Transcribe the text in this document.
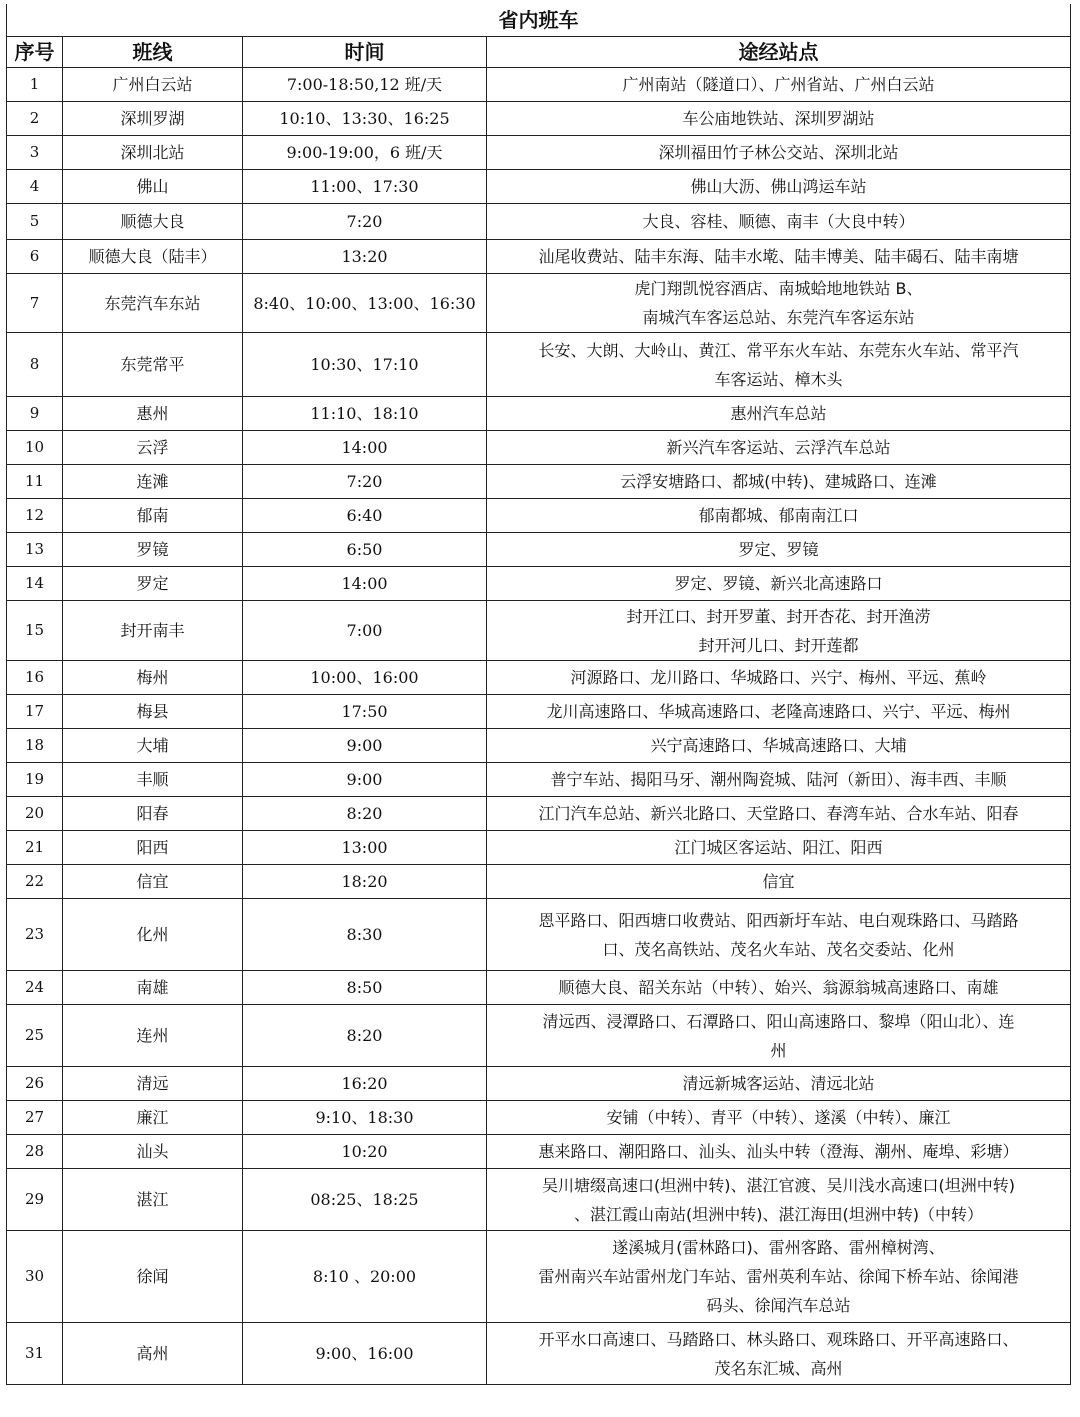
省内班车			
序号	班线	时间	途经站点
1	广州白云站	7:00-18:50,12 班/天	广州南站（隧道口）、广州省站、广州白云站
2	深圳罗湖	10:10、13:30、16:25	车公庙地铁站、深圳罗湖站
3	深圳北站	9:00-19:00，6 班/天	深圳福田竹子林公交站、深圳北站
4	佛山	11:00、17:30	佛山大沥、佛山鸿运车站
5	顺德大良	7:20	大良、容桂、顺德、南丰（大良中转）
6	顺德大良（陆丰）	13:20	汕尾收费站、陆丰东海、陆丰水墘、陆丰博美、陆丰碣石、陆丰南塘
7	东莞汽车东站	8:40、10:00、13:00、16:30	虎门翔凯悦容酒店、南城蛤地地铁站 B、
南城汽车客运总站、东莞汽车客运东站
8	东莞常平	10:30、17:10	长安、大朗、大岭山、黄江、常平东火车站、东莞东火车站、常平汽
车客运站、樟木头
9	惠州	11:10、18:10	惠州汽车总站
10	云浮	14:00	新兴汽车客运站、云浮汽车总站
11	连滩	7:20	云浮安塘路口、都城(中转)、建城路口、连滩
12	郁南	6:40	郁南都城、郁南南江口
13	罗镜	6:50	罗定、罗镜
14	罗定	14:00	罗定、罗镜、新兴北高速路口
15	封开南丰	7:00	封开江口、封开罗董、封开杏花、封开渔涝
封开河儿口、封开莲都
16	梅州	10:00、16:00	河源路口、龙川路口、华城路口、兴宁、梅州、平远、蕉岭
17	梅县	17:50	龙川高速路口、华城高速路口、老隆高速路口、兴宁、平远、梅州
18	大埔	9:00	兴宁高速路口、华城高速路口、大埔
19	丰顺	9:00	普宁车站、揭阳马牙、潮州陶瓷城、陆河（新田）、海丰西、丰顺
20	阳春	8:20	江门汽车总站、新兴北路口、天堂路口、春湾车站、合水车站、阳春
21	阳西	13:00	江门城区客运站、阳江、阳西
22	信宜	18:20	信宜
23	化州	8:30	恩平路口、阳西塘口收费站、阳西新圩车站、电白观珠路口、马踏路
口、茂名高铁站、茂名火车站、茂名交委站、化州
24	南雄	8:50	顺德大良、韶关东站（中转）、始兴、翁源翁城高速路口、南雄
25	连州	8:20	清远西、浸潭路口、石潭路口、阳山高速路口、黎埠（阳山北）、连
州
26	清远	16:20	清远新城客运站、清远北站
27	廉江	9:10、18:30	安铺（中转）、青平（中转）、遂溪（中转）、廉江
28	汕头	10:20	惠来路口、潮阳路口、汕头、汕头中转（澄海、潮州、庵埠、彩塘）
29	湛江	08:25、18:25	吴川塘缀高速口(坦洲中转)、湛江官渡、吴川浅水高速口(坦洲中转)
、湛江霞山南站(坦洲中转)、湛江海田(坦洲中转)（中转）
30	徐闻	8:10 、20:00	遂溪城月(雷林路口)、雷州客路、雷州樟树湾、
雷州南兴车站雷州龙门车站、雷州英利车站、徐闻下桥车站、徐闻港
码头、徐闻汽车总站
31	高州	9:00、16:00	开平水口高速口、马踏路口、林头路口、观珠路口、开平高速路口、
茂名东汇城、高州
